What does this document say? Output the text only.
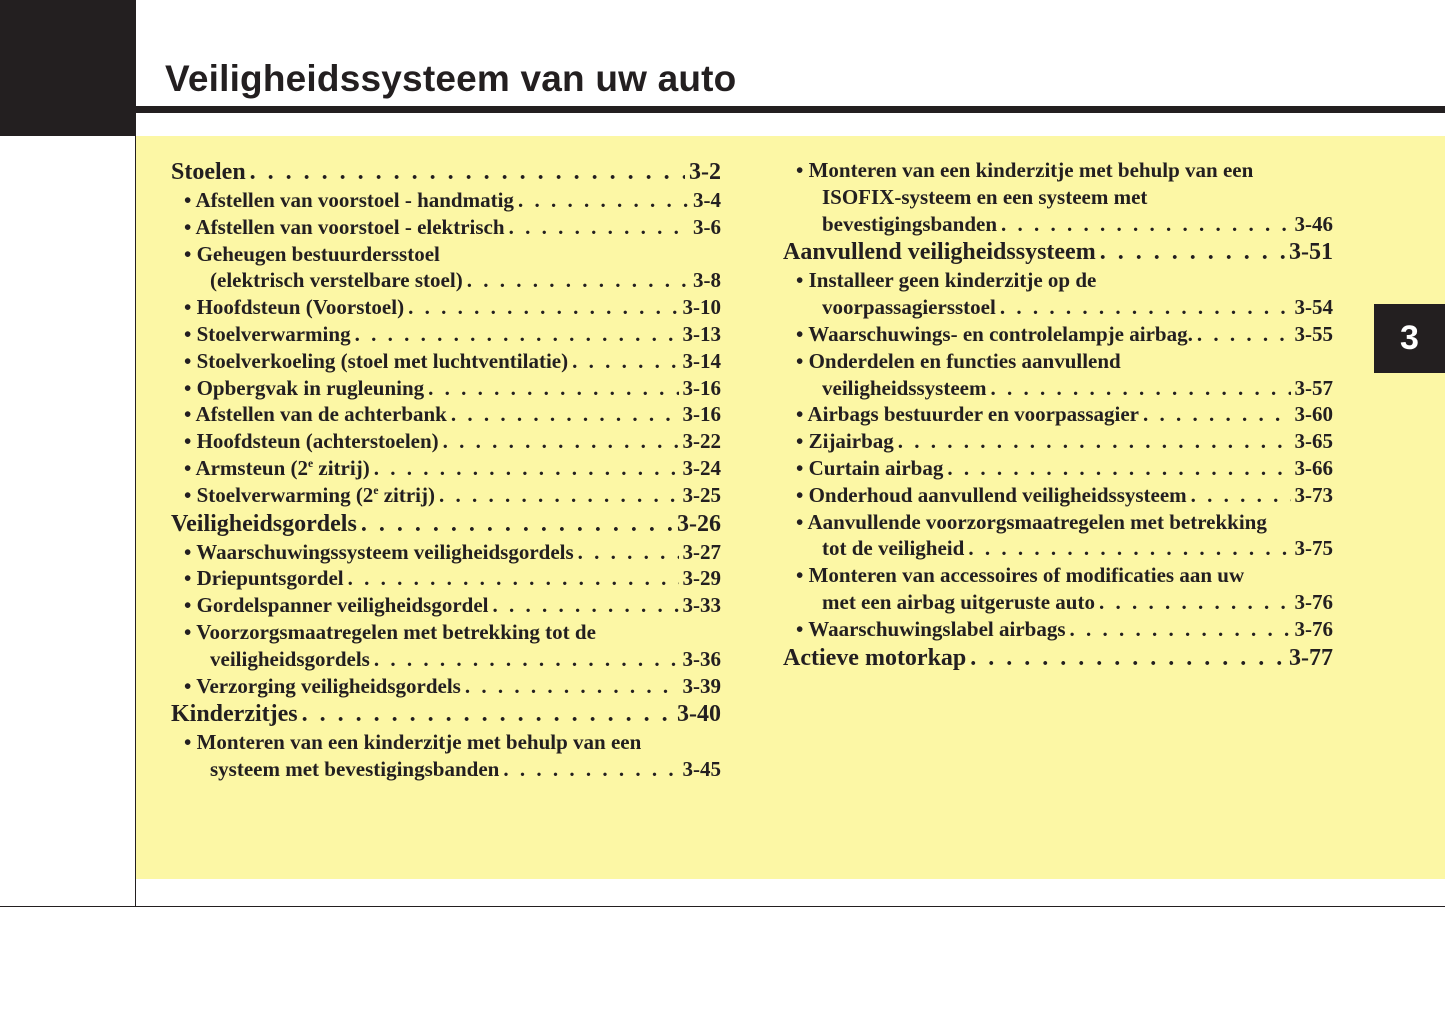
Veiligheidssysteem van uw auto
3
Stoelen . . .	3-2
• Afstellen van voorstoel - handmatig . . .	3-4
• Afstellen van voorstoel - elektrisch . . .	3-6
• Geheugen bestuurdersstoel
(elektrisch verstelbare stoel) . . .	3-8
• Hoofdsteun (Voorstoel) . . .	3-10
• Stoelverwarming . . .	3-13
• Stoelverkoeling (stoel met luchtventilatie) . . .	3-14
• Opbergvak in rugleuning . . .	3-16
• Afstellen van de achterbank . . .	3-16
• Hoofdsteun (achterstoelen) . . .	3-22
• Armsteun (2e zitrij) . . .	3-24
• Stoelverwarming (2e zitrij) . . .	3-25
Veiligheidsgordels . . .	3-26
• Waarschuwingssysteem veiligheidsgordels . . .	3-27
• Driepuntsgordel . . .	3-29
• Gordelspanner veiligheidsgordel . . .	3-33
• Voorzorgsmaatregelen met betrekking tot de
veiligheidsgordels . . .	3-36
• Verzorging veiligheidsgordels . . .	3-39
Kinderzitjes . . .	3-40
• Monteren van een kinderzitje met behulp van een
systeem met bevestigingsbanden . . .	3-45
• Monteren van een kinderzitje met behulp van een
ISOFIX-systeem en een systeem met
bevestigingsbanden . . .	3-46
Aanvullend veiligheidssysteem . . .	3-51
• Installeer geen kinderzitje op de
voorpassagiersstoel . . .	3-54
• Waarschuwings- en controlelampje airbag. . . .	3-55
• Onderdelen en functies aanvullend
veiligheidssysteem . . .	3-57
• Airbags bestuurder en voorpassagier . . .	3-60
• Zijairbag . . .	3-65
• Curtain airbag . . .	3-66
• Onderhoud aanvullend veiligheidssysteem . . .	3-73
• Aanvullende voorzorgsmaatregelen met betrekking
tot de veiligheid . . .	3-75
• Monteren van accessoires of modificaties aan uw
met een airbag uitgeruste auto . . .	3-76
• Waarschuwingslabel airbags . . .	3-76
Actieve motorkap . . .	3-77
